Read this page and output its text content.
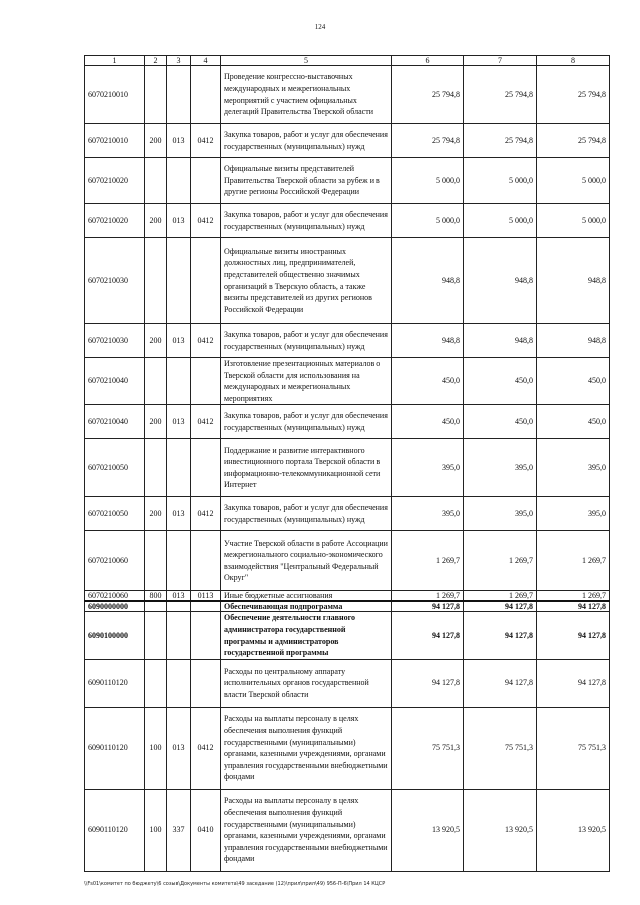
124
1	2	3	4	5	6	7	8
6070210010				Проведение конгрессно-выставочных международных и межрегиональных мероприятий с участием официальных делегаций Правительства Тверской области	25 794,8	25 794,8	25 794,8
6070210010	200	013	0412	Закупка товаров, работ и услуг для обеспечения государственных (муниципальных) нужд	25 794,8	25 794,8	25 794,8
6070210020				Официальные визиты представителей Правительства Тверской области за рубеж и в другие регионы Российской Федерации	5 000,0	5 000,0	5 000,0
6070210020	200	013	0412	Закупка товаров, работ и услуг для обеспечения государственных (муниципальных) нужд	5 000,0	5 000,0	5 000,0
6070210030				Официальные визиты иностранных должностных лиц, предпринимателей, представителей общественно значимых организаций в Тверскую область, а также визиты представителей из других регионов Российской Федерации	948,8	948,8	948,8
6070210030	200	013	0412	Закупка товаров, работ и услуг для обеспечения государственных (муниципальных) нужд	948,8	948,8	948,8
6070210040				Изготовление презентационных материалов о Тверской области для использования на международных и межрегиональных мероприятиях	450,0	450,0	450,0
6070210040	200	013	0412	Закупка товаров, работ и услуг для обеспечения государственных (муниципальных) нужд	450,0	450,0	450,0
6070210050				Поддержание и развитие интерактивного инвестиционного портала Тверской области в информационно-телекоммуникационной сети Интернет	395,0	395,0	395,0
6070210050	200	013	0412	Закупка товаров, работ и услуг для обеспечения государственных (муниципальных) нужд	395,0	395,0	395,0
6070210060				Участие Тверской области в работе Ассоциации межрегионального социально-экономического взаимодействия "Центральный Федеральный Округ"	1 269,7	1 269,7	1 269,7
6070210060	800	013	0113	Иные бюджетные ассигнования	1 269,7	1 269,7	1 269,7
6090000000				Обеспечивающая подпрограмма	94 127,8	94 127,8	94 127,8
6090100000				Обеспечение деятельности главного администратора государственной программы и администраторов государственной программы	94 127,8	94 127,8	94 127,8
6090110120				Расходы по центральному аппарату исполнительных органов государственной власти Тверской области	94 127,8	94 127,8	94 127,8
6090110120	100	013	0412	Расходы на выплаты персоналу в целях обеспечения выполнения функций государственными (муниципальными) органами, казенными учреждениями, органами управления государственными внебюджетными фондами	75 751,3	75 751,3	75 751,3
6090110120	100	337	0410	Расходы на выплаты персоналу в целях обеспечения выполнения функций государственными (муниципальными) органами, казенными учреждениями, органами управления государственными внебюджетными фондами	13 920,5	13 920,5	13 920,5
\\Fs01\комитет по бюджету\6 созыв\Документы комитета\49 заседание (12)\прил\прил\49) 956-П-6\Прил 14 КЦСР
